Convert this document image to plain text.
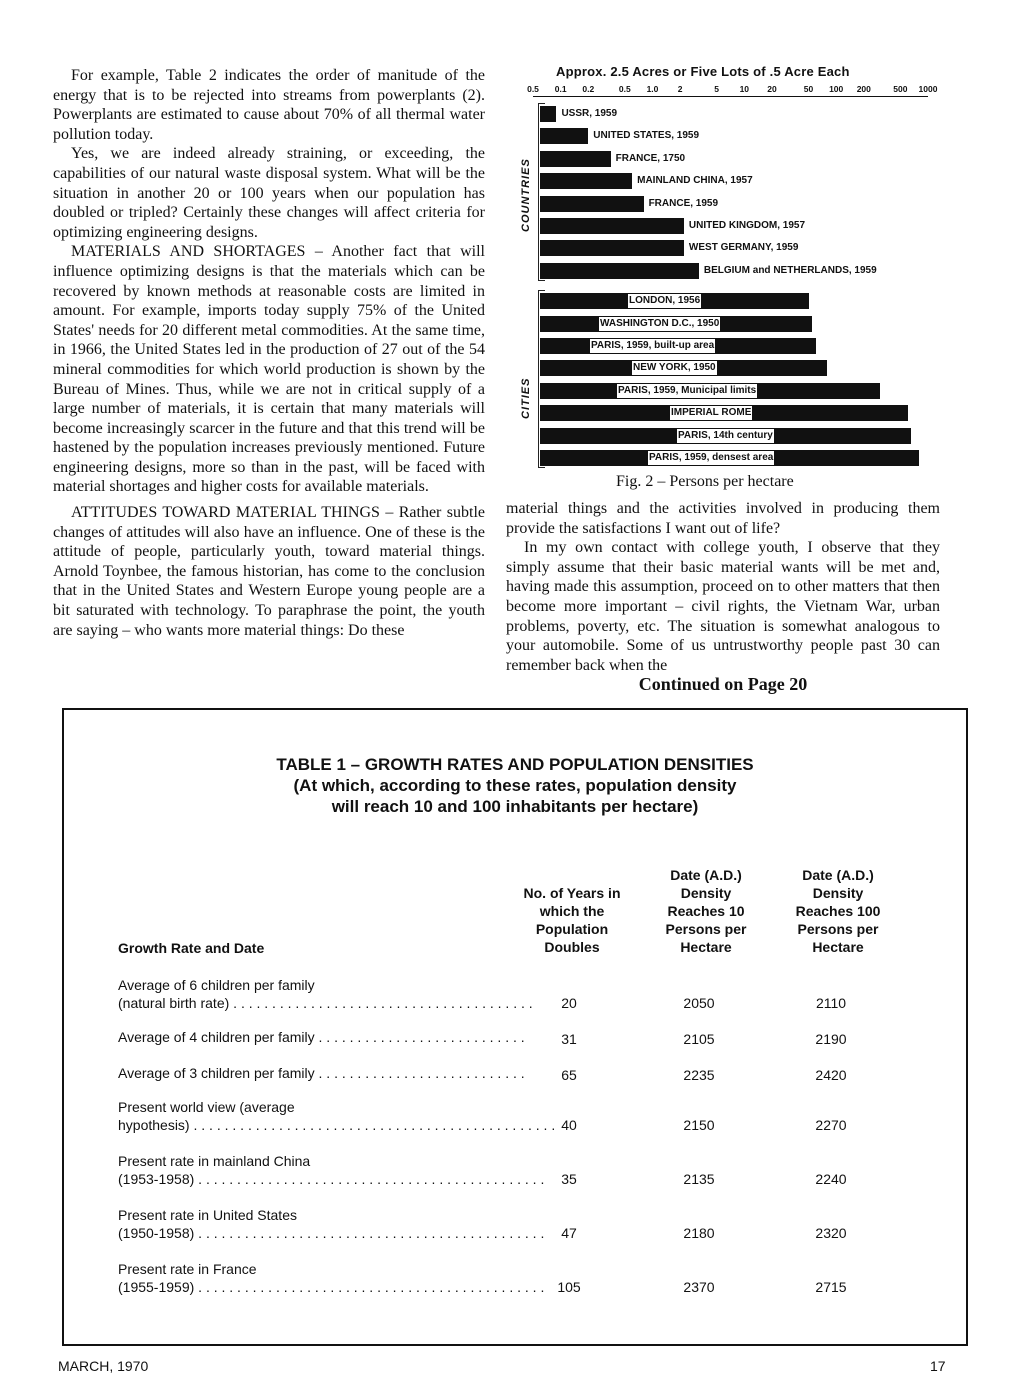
For example, Table 2 indicates the order of manitude of the energy that is to be rejected into streams from powerplants (2). Powerplants are estimated to cause about 70% of all thermal water pollution today.

Yes, we are indeed already straining, or exceeding, the capabilities of our natural waste disposal system. What will be the situation in another 20 or 100 years when our population has doubled or tripled? Certainly these changes will affect criteria for optimizing engineering designs.

MATERIALS AND SHORTAGES – Another fact that will influence optimizing designs is that the materials which can be recovered by known methods at reasonable costs are limited in amount. For example, imports today supply 75% of the United States' needs for 20 different metal commodities. At the same time, in 1966, the United States led in the production of 27 out of the 54 mineral commodities for which world production is shown by the Bureau of Mines. Thus, while we are not in critical supply of a large number of materials, it is certain that many materials will become increasingly scarcer in the future and that this trend will be hastened by the population increases previously mentioned. Future engineering designs, more so than in the past, will be faced with material shortages and higher costs for available materials.

ATTITUDES TOWARD MATERIAL THINGS – Rather subtle changes of attitudes will also have an influence. One of these is the attitude of people, particularly youth, toward material things. Arnold Toynbee, the famous historian, has come to the conclusion that in the United States and Western Europe young people are a bit saturated with technology. To paraphrase the point, the youth are saying – who wants more material things: Do these

Approx. 2.5 Acres or Five Lots of .5 Acre Each
0.5 0.1 0.2	0.5 1.0 2	5 10 20	50 100 200	500 1000
USSR, 1959
UNITED STATES, 1959
FRANCE, 1750
MAINLAND CHINA, 1957
FRANCE, 1959
UNITED KINGDOM, 1957
WEST GERMANY, 1959
BELGIUM and NETHERLANDS, 1959
COUNTRIES
LONDON, 1956
WASHINGTON D.C., 1950
PARIS, 1959, built-up area
NEW YORK, 1950
PARIS, 1959, Municipal limits
IMPERIAL ROME
PARIS, 14th century
PARIS, 1959, densest area
CITIES
Fig. 2 – Persons per hectare

material things and the activities involved in producing them provide the satisfactions I want out of life?

In my own contact with college youth, I observe that they simply assume that their basic material wants will be met and, having made this assumption, proceed on to other matters that then become more important – civil rights, the Vietnam War, urban problems, poverty, etc. The situation is somewhat analogous to your automobile. Some of us untrustworthy people past 30 can remember back when the

Continued on Page 20

TABLE 1 – GROWTH RATES AND POPULATION DENSITIES
(At which, according to these rates, population density
will reach 10 and 100 inhabitants per hectare)
Growth Rate and Date
No. of Years in which the Population Doubles
Date (A.D.) Density Reaches 10 Persons per Hectare
Date (A.D.) Density Reaches 100 Persons per Hectare
Average of 6 children per family
(natural birth rate) . . . . . . . . . . . . . . . . . . . . . . . . . . . . . . . . . . . . . . .	20	2050	2110
Average of 4 children per family . . . . . . . . . . . . . . . . . . . . . . . . . . .	31	2105	2190
Average of 3 children per family . . . . . . . . . . . . . . . . . . . . . . . . . . .	65	2235	2420
Present world view (average
hypothesis) . . . . . . . . . . . . . . . . . . . . . . . . . . . . . . . . . . . . . . . . . . . . . . . 40	2150	2270
Present rate in mainland China
(1953-1958) . . . . . . . . . . . . . . . . . . . . . . . . . . . . . . . . . . . . . . . . . . . . .	35	2135	2240
Present rate in United States
(1950-1958) . . . . . . . . . . . . . . . . . . . . . . . . . . . . . . . . . . . . . . . . . . . . .	47	2180	2320
Present rate in France
(1955-1959) . . . . . . . . . . . . . . . . . . . . . . . . . . . . . . . . . . . . . . . . . . . . . 105	2370	2715
MARCH, 1970	17
